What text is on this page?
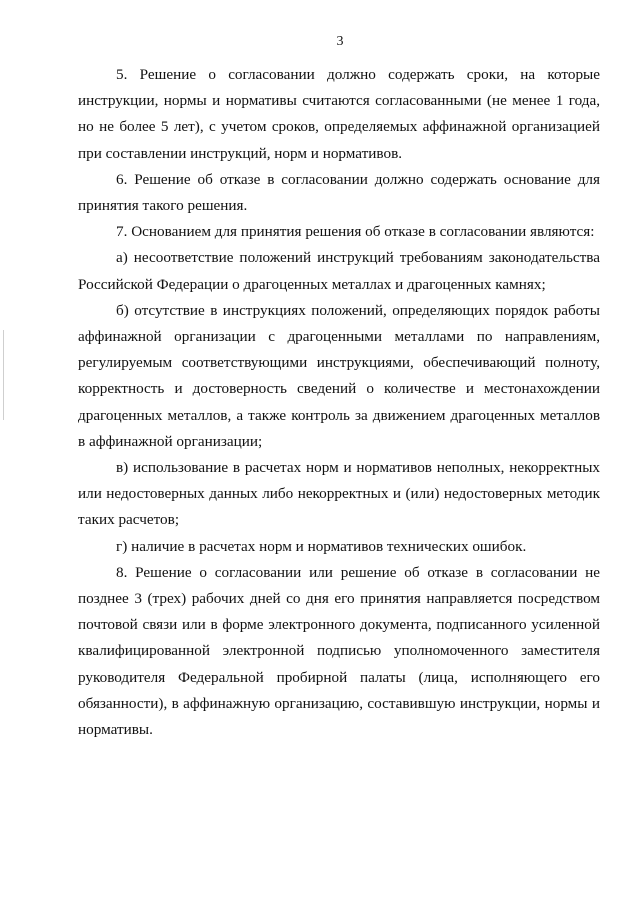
3

5. Решение о согласовании должно содержать сроки, на которые инструкции, нормы и нормативы считаются согласованными (не менее 1 года, но не более 5 лет), с учетом сроков, определяемых аффинажной организацией при составлении инструкций, норм и нормативов.

6. Решение об отказе в согласовании должно содержать основание для принятия такого решения.

7. Основанием для принятия решения об отказе в согласовании являются:

а) несоответствие положений инструкций требованиям законодательства Российской Федерации о драгоценных металлах и драгоценных камнях;

б) отсутствие в инструкциях положений, определяющих порядок работы аффинажной организации с драгоценными металлами по направлениям, регулируемым соответствующими инструкциями, обеспечивающий полноту, корректность и достоверность сведений о количестве и местонахождении драгоценных металлов, а также контроль за движением драгоценных металлов в аффинажной организации;

в) использование в расчетах норм и нормативов неполных, некорректных или недостоверных данных либо некорректных и (или) недостоверных методик таких расчетов;

г) наличие в расчетах норм и нормативов технических ошибок.

8. Решение о согласовании или решение об отказе в согласовании не позднее 3 (трех) рабочих дней со дня его принятия направляется посредством почтовой связи или в форме электронного документа, подписанного усиленной квалифицированной электронной подписью уполномоченного заместителя руководителя Федеральной пробирной палаты (лица, исполняющего его обязанности), в аффинажную организацию, составившую инструкции, нормы и нормативы.
